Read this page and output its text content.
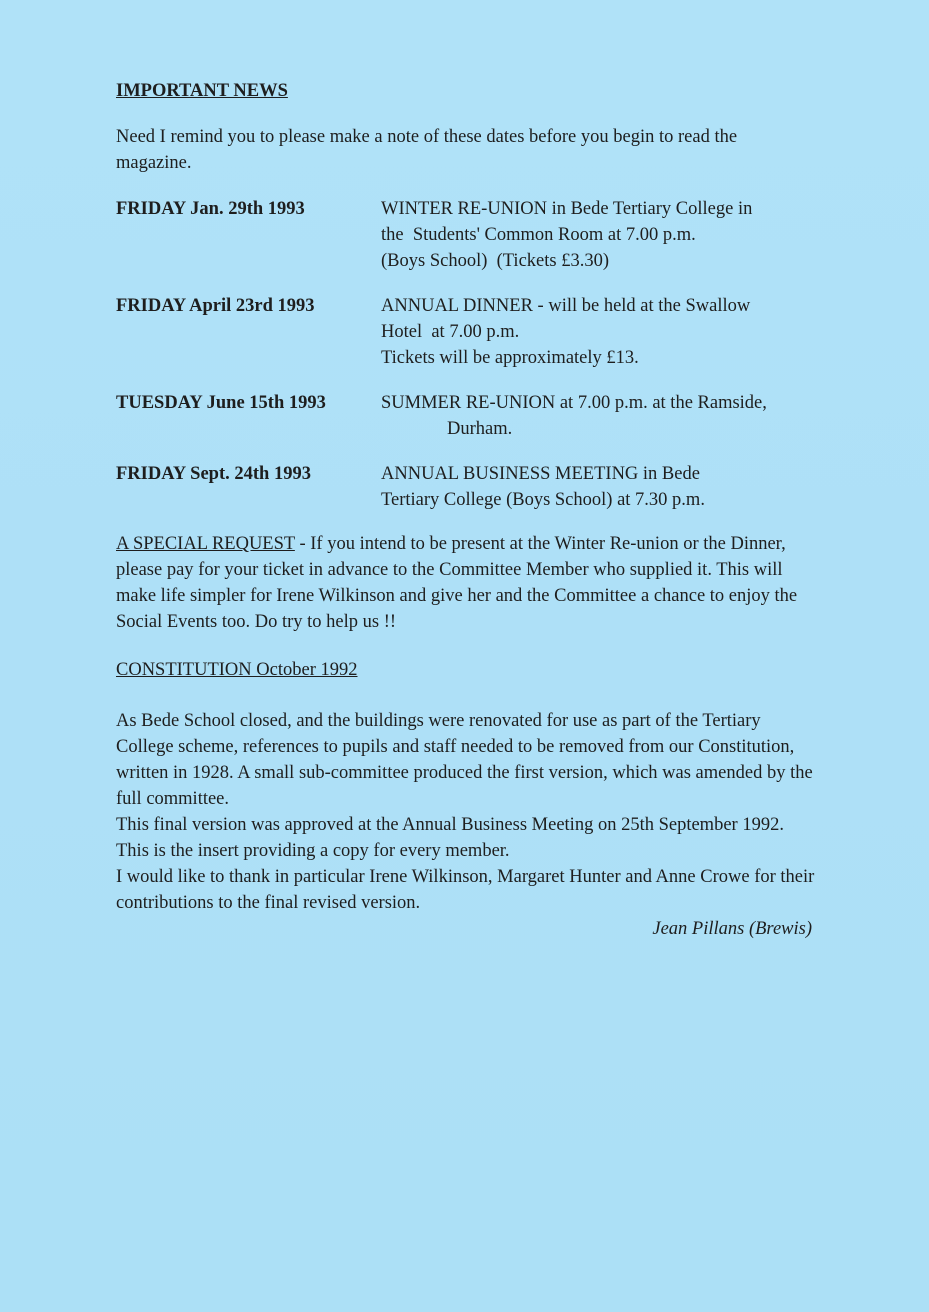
IMPORTANT NEWS
Need I remind you to please make a note of these dates before you begin to read the magazine.
FRIDAY Jan. 29th 1993	WINTER RE-UNION in Bede Tertiary College in
the  Students' Common Room at 7.00 p.m.
(Boys School)  (Tickets £3.30)
FRIDAY April 23rd 1993	ANNUAL DINNER - will be held at the Swallow
Hotel  at 7.00 p.m.
Tickets will be approximately £13.
TUESDAY June 15th 1993	SUMMER RE-UNION at 7.00 p.m. at the Ramside,
Durham.
FRIDAY Sept. 24th 1993	ANNUAL BUSINESS MEETING in Bede
Tertiary College (Boys School) at 7.30 p.m.
A SPECIAL REQUEST - If you intend to be present at the Winter Re-union or the Dinner, please pay for your ticket in advance to the Committee Member who supplied it. This will make life simpler for Irene Wilkinson and give her and the Committee a chance to enjoy the Social Events too. Do try to help us !!
CONSTITUTION October 1992

As Bede School closed, and the buildings were renovated for use as part of the Tertiary College scheme, references to pupils and staff needed to be removed from our Constitution, written in 1928. A small sub-committee produced the first version, which was amended by the full committee.

This final version was approved at the Annual Business Meeting on 25th September 1992.

This is the insert providing a copy for every member.

I would like to thank in particular Irene Wilkinson, Margaret Hunter and Anne Crowe for their contributions to the final revised version.

Jean Pillans (Brewis)
